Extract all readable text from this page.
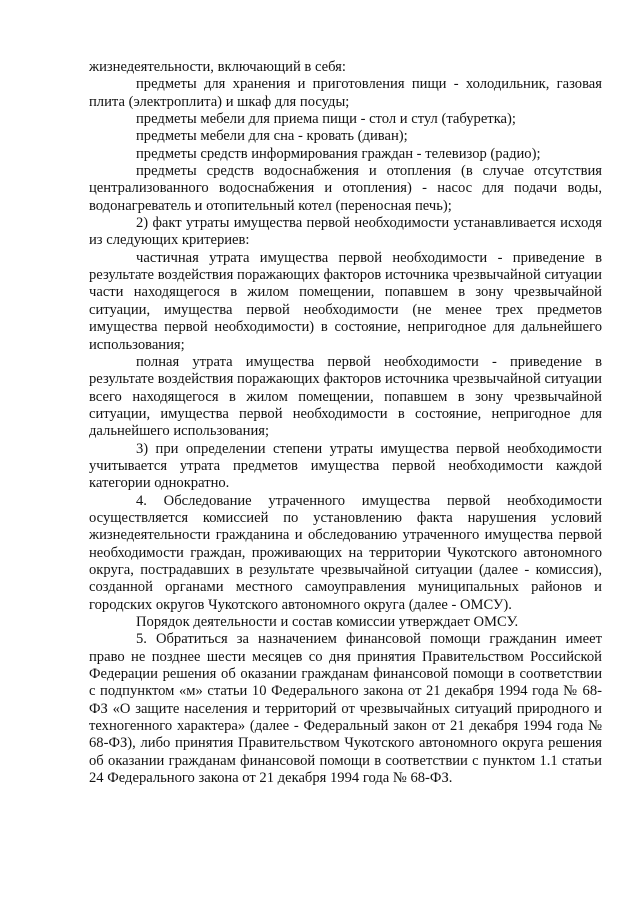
жизнедеятельности, включающий в себя:

предметы для хранения и приготовления пищи - холодильник, газовая плита (электроплита) и шкаф для посуды;

предметы мебели для приема пищи - стол и стул (табуретка);

предметы мебели для сна - кровать (диван);

предметы средств информирования граждан - телевизор (радио);

предметы средств водоснабжения и отопления (в случае отсутствия централизованного водоснабжения и отопления) - насос для подачи воды, водонагреватель и отопительный котел (переносная печь);

2) факт утраты имущества первой необходимости устанавливается исходя из следующих критериев:

частичная утрата имущества первой необходимости - приведение в результате воздействия поражающих факторов источника чрезвычайной ситуации части находящегося в жилом помещении, попавшем в зону чрезвычайной ситуации, имущества первой необходимости (не менее трех предметов имущества первой необходимости) в состояние, непригодное для дальнейшего использования;

полная утрата имущества первой необходимости - приведение в результате воздействия поражающих факторов источника чрезвычайной ситуации всего находящегося в жилом помещении, попавшем в зону чрезвычайной ситуации, имущества первой необходимости в состояние, непригодное для дальнейшего использования;

3) при определении степени утраты имущества первой необходимости учитывается утрата предметов имущества первой необходимости каждой категории однократно.

4. Обследование утраченного имущества первой необходимости осуществляется комиссией по установлению факта нарушения условий жизнедеятельности гражданина и обследованию утраченного имущества первой необходимости граждан, проживающих на территории Чукотского автономного округа, пострадавших в результате чрезвычайной ситуации (далее - комиссия), созданной органами местного самоуправления муниципальных районов и городских округов Чукотского автономного округа (далее - ОМСУ).

Порядок деятельности и состав комиссии утверждает ОМСУ.

5. Обратиться за назначением финансовой помощи гражданин имеет право не позднее шести месяцев со дня принятия Правительством Российской Федерации решения об оказании гражданам финансовой помощи в соответствии с подпунктом «м» статьи 10 Федерального закона от 21 декабря 1994 года № 68-ФЗ «О защите населения и территорий от чрезвычайных ситуаций природного и техногенного характера» (далее - Федеральный закон от 21 декабря 1994 года № 68-ФЗ), либо принятия Правительством Чукотского автономного округа решения об оказании гражданам финансовой помощи в соответствии с пунктом 1.1 статьи 24 Федерального закона от 21 декабря 1994 года № 68-ФЗ.
